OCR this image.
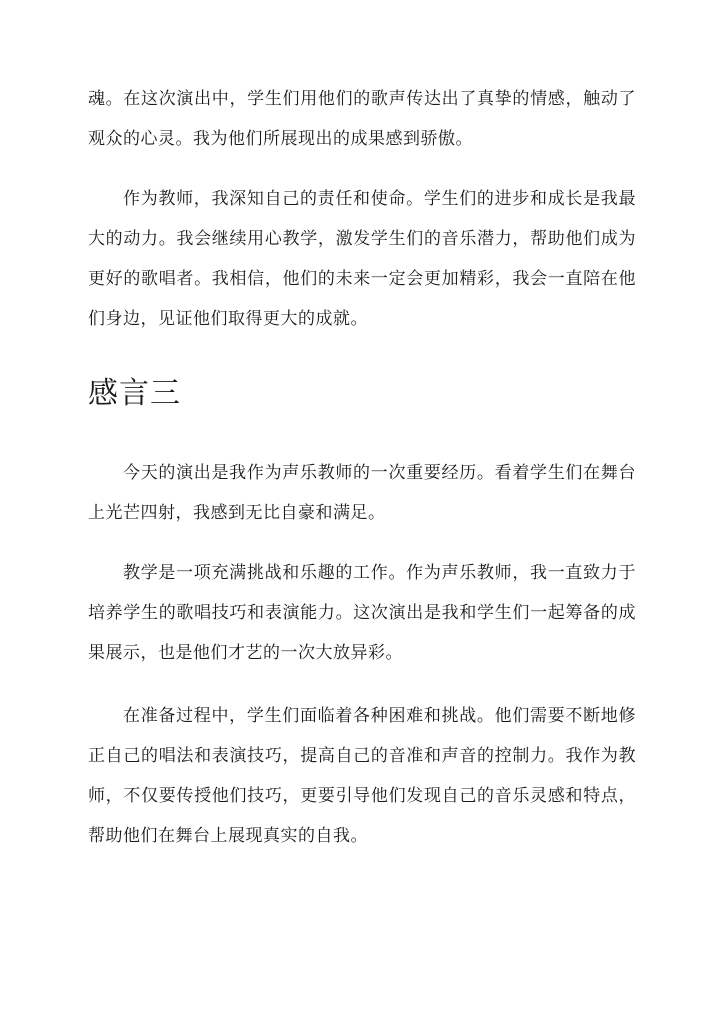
魂。在这次演出中，学生们用他们的歌声传达出了真挚的情感，触动了观众的心灵。我为他们所展现出的成果感到骄傲。

作为教师，我深知自己的责任和使命。学生们的进步和成长是我最大的动力。我会继续用心教学，激发学生们的音乐潜力，帮助他们成为更好的歌唱者。我相信，他们的未来一定会更加精彩，我会一直陪在他们身边，见证他们取得更大的成就。

感言三

今天的演出是我作为声乐教师的一次重要经历。看着学生们在舞台上光芒四射，我感到无比自豪和满足。

教学是一项充满挑战和乐趣的工作。作为声乐教师，我一直致力于培养学生的歌唱技巧和表演能力。这次演出是我和学生们一起筹备的成果展示，也是他们才艺的一次大放异彩。

在准备过程中，学生们面临着各种困难和挑战。他们需要不断地修正自己的唱法和表演技巧，提高自己的音准和声音的控制力。我作为教师，不仅要传授他们技巧，更要引导他们发现自己的音乐灵感和特点，帮助他们在舞台上展现真实的自我。
